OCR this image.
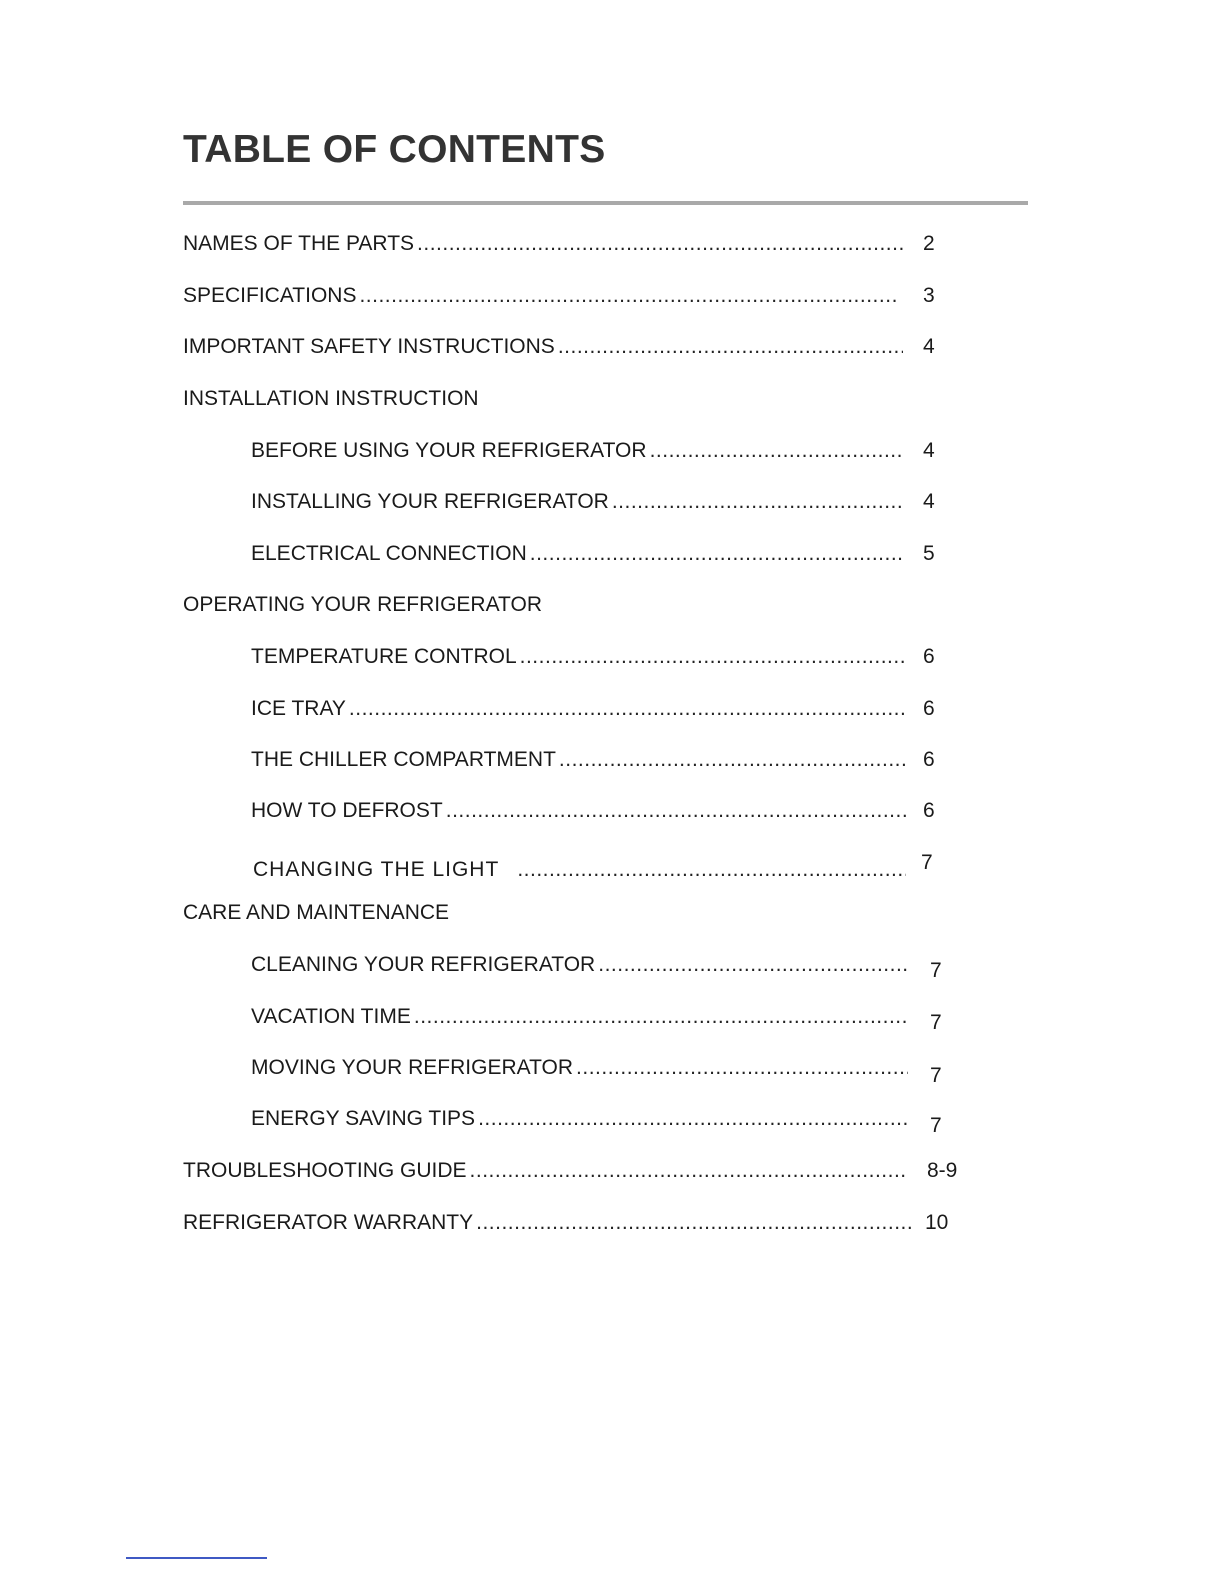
TABLE OF CONTENTS
NAMES OF THE PARTS .....	2
SPECIFICATIONS .....	3
IMPORTANT SAFETY INSTRUCTIONS .....	4
INSTALLATION INSTRUCTION
BEFORE USING YOUR REFRIGERATOR .....	4
INSTALLING YOUR REFRIGERATOR .....	4
ELECTRICAL CONNECTION .....	5
OPERATING YOUR REFRIGERATOR
TEMPERATURE CONTROL .....	6
ICE TRAY .....	6
THE CHILLER COMPARTMENT .....	6
HOW TO DEFROST .....	6
CHANGING THE LIGHT .....	7
CARE AND MAINTENANCE
CLEANING YOUR REFRIGERATOR .....	7
VACATION TIME .....	7
MOVING YOUR REFRIGERATOR .....	7
ENERGY SAVING TIPS .....	7
TROUBLESHOOTING GUIDE .....	8-9
REFRIGERATOR WARRANTY .....	10
